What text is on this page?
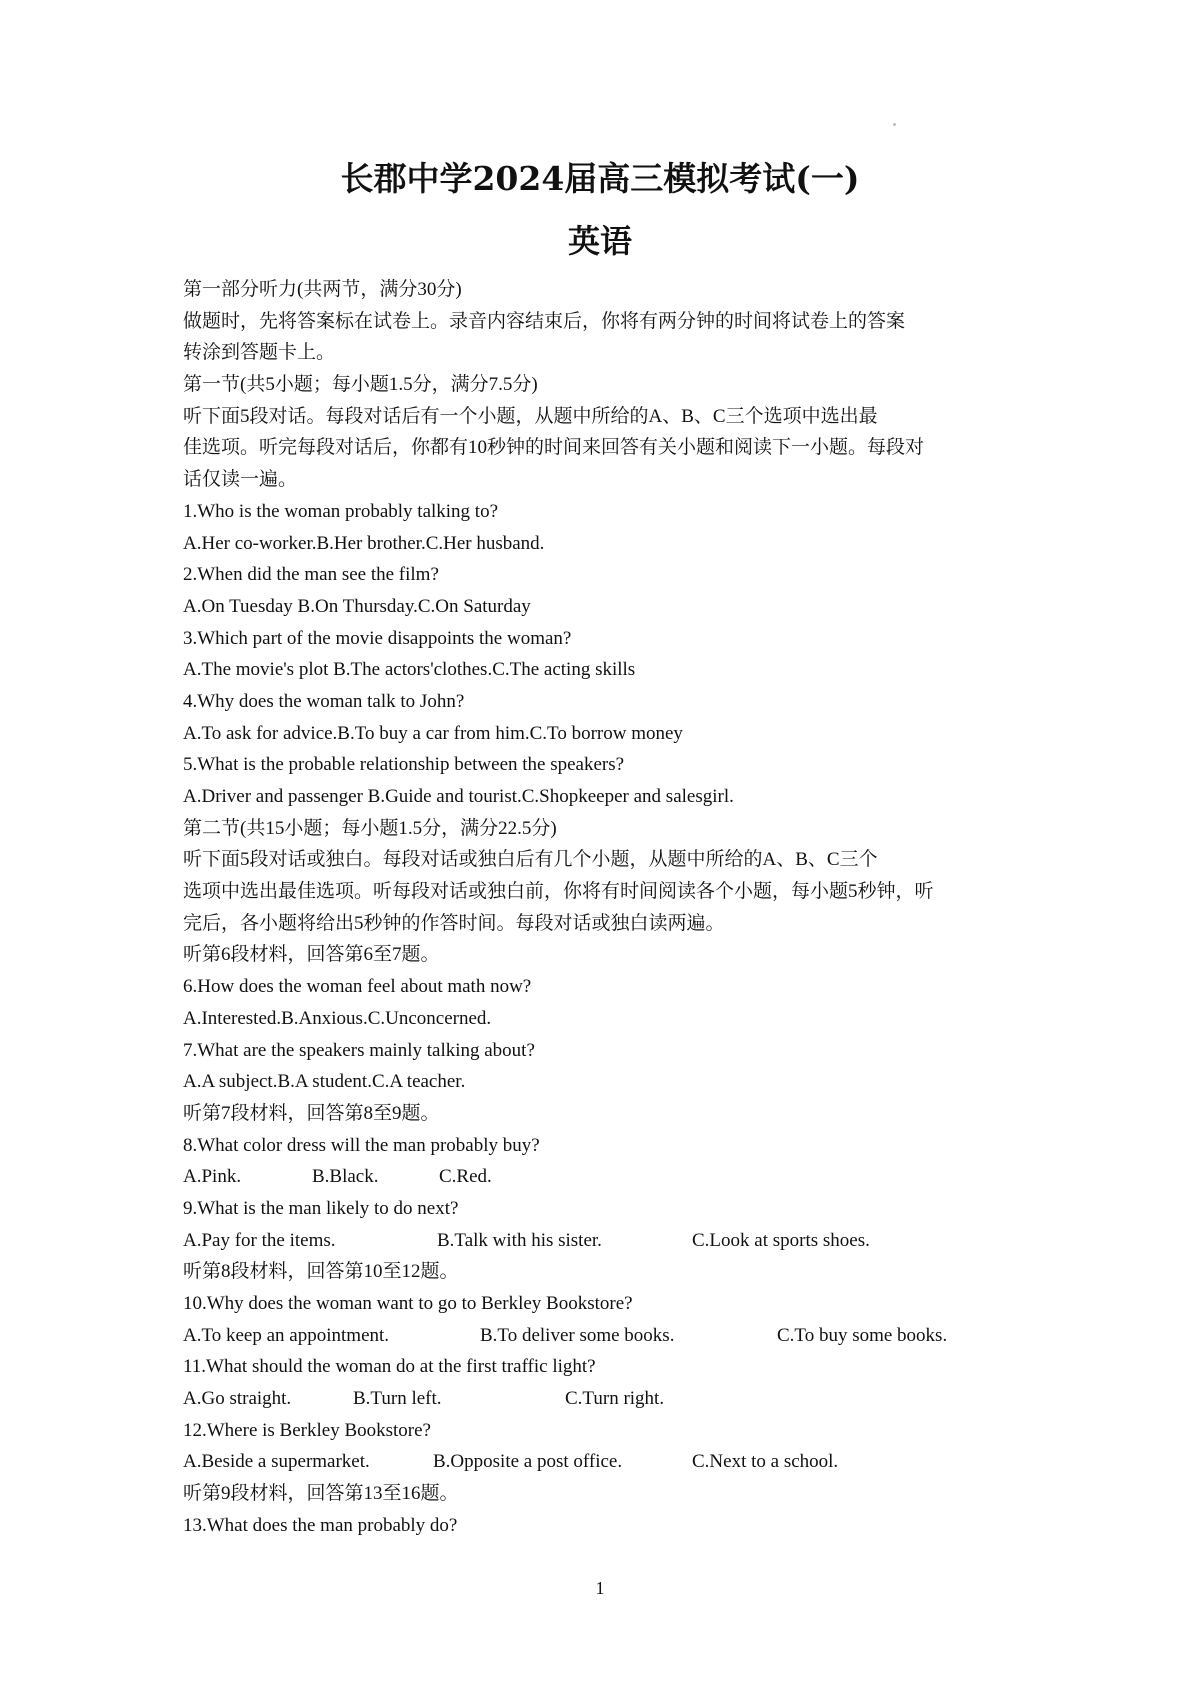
长郡中学2024届高三模拟考试(一)
英语
第一部分听力(共两节，满分30分)
做题时，先将答案标在试卷上。录音内容结束后，你将有两分钟的时间将试卷上的答案
转涂到答题卡上。
第一节(共5小题；每小题1.5分，满分7.5分)
听下面5段对话。每段对话后有一个小题，从题中所给的A、B、C三个选项中选出最
佳选项。听完每段对话后，你都有10秒钟的时间来回答有关小题和阅读下一小题。每段对
话仅读一遍。
1.Who is the woman probably talking to?
A.Her co-worker.B.Her brother.C.Her husband.
2.When did the man see the film?
A.On Tuesday B.On Thursday.C.On Saturday
3.Which part of the movie disappoints the woman?
A.The movie's plot B.The actors'clothes.C.The acting skills
4.Why does the woman talk to John?
A.To ask for advice.B.To buy a car from him.C.To borrow money
5.What is the probable relationship between the speakers?
A.Driver and passenger B.Guide and tourist.C.Shopkeeper and salesgirl.
第二节(共15小题；每小题1.5分，满分22.5分)
听下面5段对话或独白。每段对话或独白后有几个小题，从题中所给的A、B、C三个
选项中选出最佳选项。听每段对话或独白前，你将有时间阅读各个小题，每小题5秒钟，听
完后，各小题将给出5秒钟的作答时间。每段对话或独白读两遍。
听第6段材料，回答第6至7题。
6.How does the woman feel about math now?
A.Interested.B.Anxious.C.Unconcerned.
7.What are the speakers mainly talking about?
A.A subject.B.A student.C.A teacher.
听第7段材料，回答第8至9题。
8.What color dress will the man probably buy?
A.Pink.	B.Black.	C.Red.
9.What is the man likely to do next?
A.Pay for the items.	B.Talk with his sister.	C.Look at sports shoes.
听第8段材料，回答第10至12题。
10.Why does the woman want to go to Berkley Bookstore?
A.To keep an appointment.	B.To deliver some books.	C.To buy some books.
11.What should the woman do at the first traffic light?
A.Go straight.	B.Turn left.	C.Turn right.
12.Where is Berkley Bookstore?
A.Beside a supermarket.	B.Opposite a post office.	C.Next to a school.
听第9段材料，回答第13至16题。
13.What does the man probably do?
1
